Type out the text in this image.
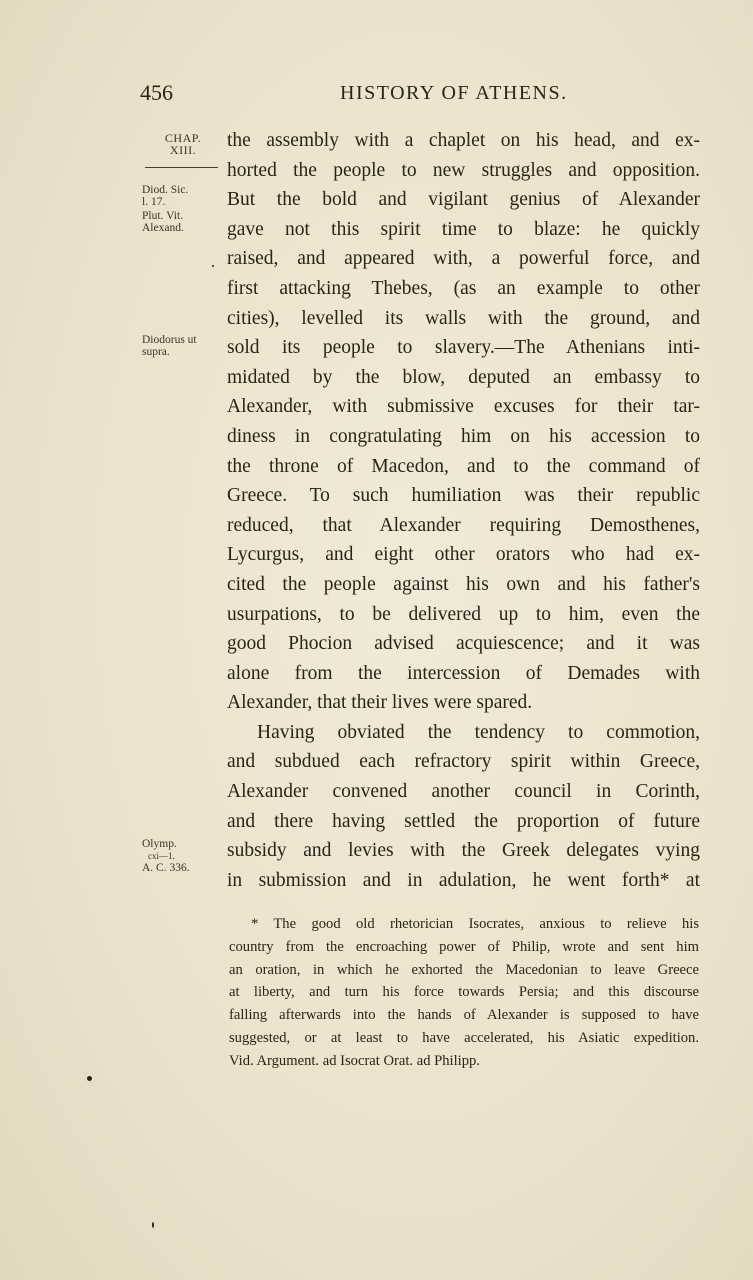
456	HISTORY OF ATHENS.
CHAP.
XIII.
Diod. Sic.
l. 17.
Plut. Vit.
Alexand.
Diodorus ut
supra.
Olymp.
cxi—1.
A. C. 336.
the assembly with a chaplet on his head, and ex-
horted the people to new struggles and opposition.
But the bold and vigilant genius of Alexander
gave not this spirit time to blaze: he quickly
raised, and appeared with, a powerful force, and
first attacking Thebes, (as an example to other
cities), levelled its walls with the ground, and
sold its people to slavery.—The Athenians inti-
midated by the blow, deputed an embassy to
Alexander, with submissive excuses for their tar-
diness in congratulating him on his accession to
the throne of Macedon, and to the command of
Greece. To such humiliation was their republic
reduced, that Alexander requiring Demosthenes,
Lycurgus, and eight other orators who had ex-
cited the people against his own and his father's
usurpations, to be delivered up to him, even the
good Phocion advised acquiescence; and it was
alone from the intercession of Demades with
Alexander, that their lives were spared.
Having obviated the tendency to commotion,
and subdued each refractory spirit within Greece,
Alexander convened another council in Corinth,
and there having settled the proportion of future
subsidy and levies with the Greek delegates vying
in submission and in adulation, he went forth* at
* The good old rhetorician Isocrates, anxious to relieve his
country from the encroaching power of Philip, wrote and sent him
an oration, in which he exhorted the Macedonian to leave Greece
at liberty, and turn his force towards Persia; and this discourse
falling afterwards into the hands of Alexander is supposed to have
suggested, or at least to have accelerated, his Asiatic expedition.
Vid. Argument. ad Isocrat Orat. ad Philipp.
